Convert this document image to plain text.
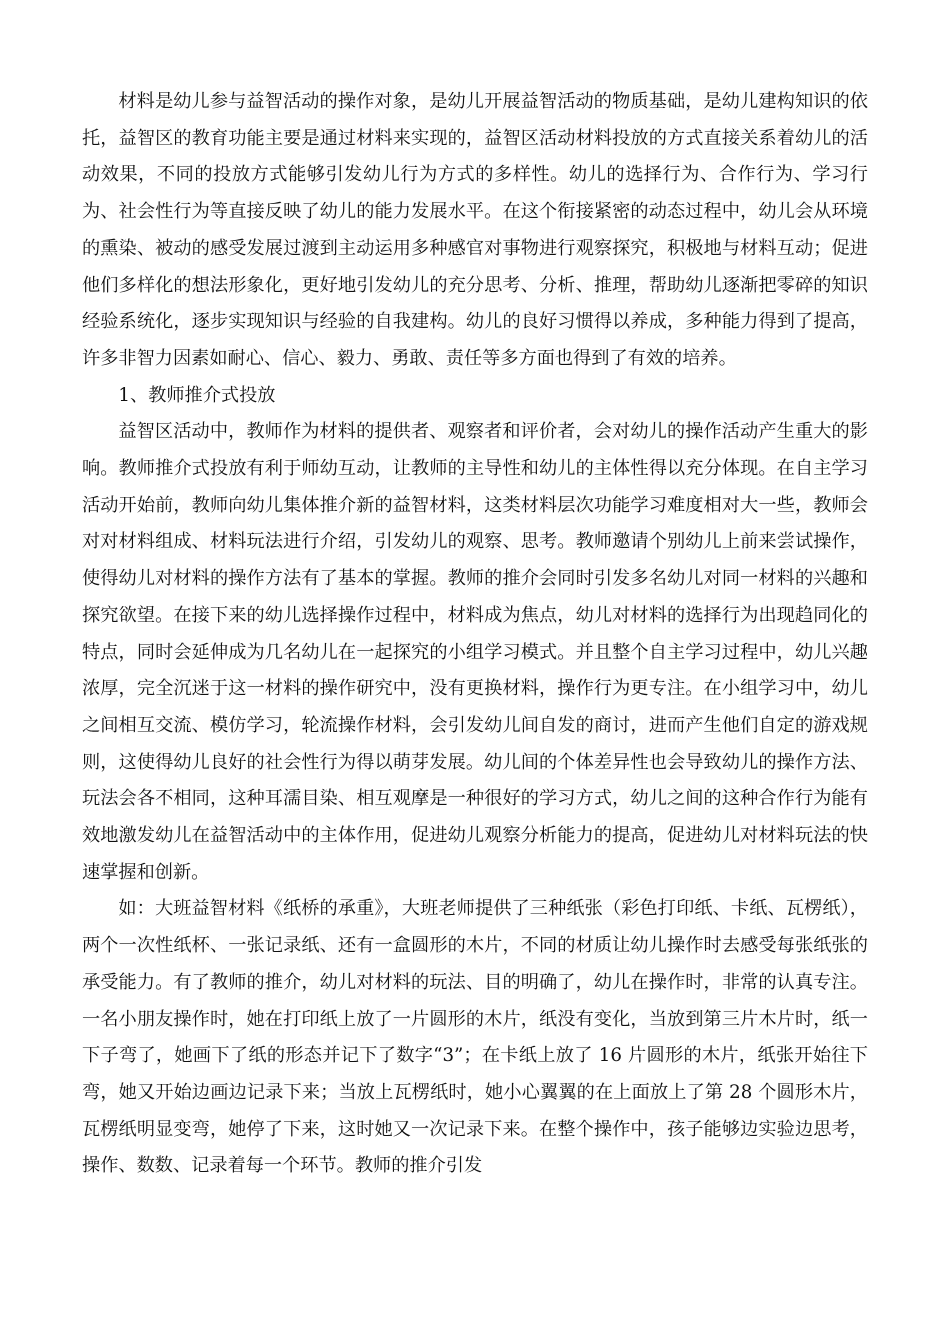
材料是幼儿参与益智活动的操作对象，是幼儿开展益智活动的物质基础，是幼儿建构知识的依托，益智区的教育功能主要是通过材料来实现的，益智区活动材料投放的方式直接关系着幼儿的活动效果，不同的投放方式能够引发幼儿行为方式的多样性。幼儿的选择行为、合作行为、学习行为、社会性行为等直接反映了幼儿的能力发展水平。在这个衔接紧密的动态过程中，幼儿会从环境的熏染、被动的感受发展过渡到主动运用多种感官对事物进行观察探究，积极地与材料互动；促进他们多样化的想法形象化，更好地引发幼儿的充分思考、分析、推理，帮助幼儿逐渐把零碎的知识经验系统化，逐步实现知识与经验的自我建构。幼儿的良好习惯得以养成，多种能力得到了提高，许多非智力因素如耐心、信心、毅力、勇敢、责任等多方面也得到了有效的培养。

1、教师推介式投放

益智区活动中，教师作为材料的提供者、观察者和评价者，会对幼儿的操作活动产生重大的影响。教师推介式投放有利于师幼互动，让教师的主导性和幼儿的主体性得以充分体现。在自主学习活动开始前，教师向幼儿集体推介新的益智材料，这类材料层次功能学习难度相对大一些，教师会对对材料组成、材料玩法进行介绍，引发幼儿的观察、思考。教师邀请个别幼儿上前来尝试操作，使得幼儿对材料的操作方法有了基本的掌握。教师的推介会同时引发多名幼儿对同一材料的兴趣和探究欲望。在接下来的幼儿选择操作过程中，材料成为焦点，幼儿对材料的选择行为出现趋同化的特点，同时会延伸成为几名幼儿在一起探究的小组学习模式。并且整个自主学习过程中，幼儿兴趣浓厚，完全沉迷于这一材料的操作研究中，没有更换材料，操作行为更专注。在小组学习中，幼儿之间相互交流、模仿学习，轮流操作材料，会引发幼儿间自发的商讨，进而产生他们自定的游戏规则，这使得幼儿良好的社会性行为得以萌芽发展。幼儿间的个体差异性也会导致幼儿的操作方法、玩法会各不相同，这种耳濡目染、相互观摩是一种很好的学习方式，幼儿之间的这种合作行为能有效地激发幼儿在益智活动中的主体作用，促进幼儿观察分析能力的提高，促进幼儿对材料玩法的快速掌握和创新。

如：大班益智材料《纸桥的承重》，大班老师提供了三种纸张（彩色打印纸、卡纸、瓦楞纸），两个一次性纸杯、一张记录纸、还有一盒圆形的木片，不同的材质让幼儿操作时去感受每张纸张的承受能力。有了教师的推介，幼儿对材料的玩法、目的明确了，幼儿在操作时，非常的认真专注。一名小朋友操作时，她在打印纸上放了一片圆形的木片，纸没有变化，当放到第三片木片时，纸一下子弯了，她画下了纸的形态并记下了数字“3”；在卡纸上放了 16 片圆形的木片，纸张开始往下弯，她又开始边画边记录下来；当放上瓦楞纸时，她小心翼翼的在上面放上了第 28 个圆形木片，瓦楞纸明显变弯，她停了下来，这时她又一次记录下来。在整个操作中，孩子能够边实验边思考，操作、数数、记录着每一个环节。教师的推介引发
